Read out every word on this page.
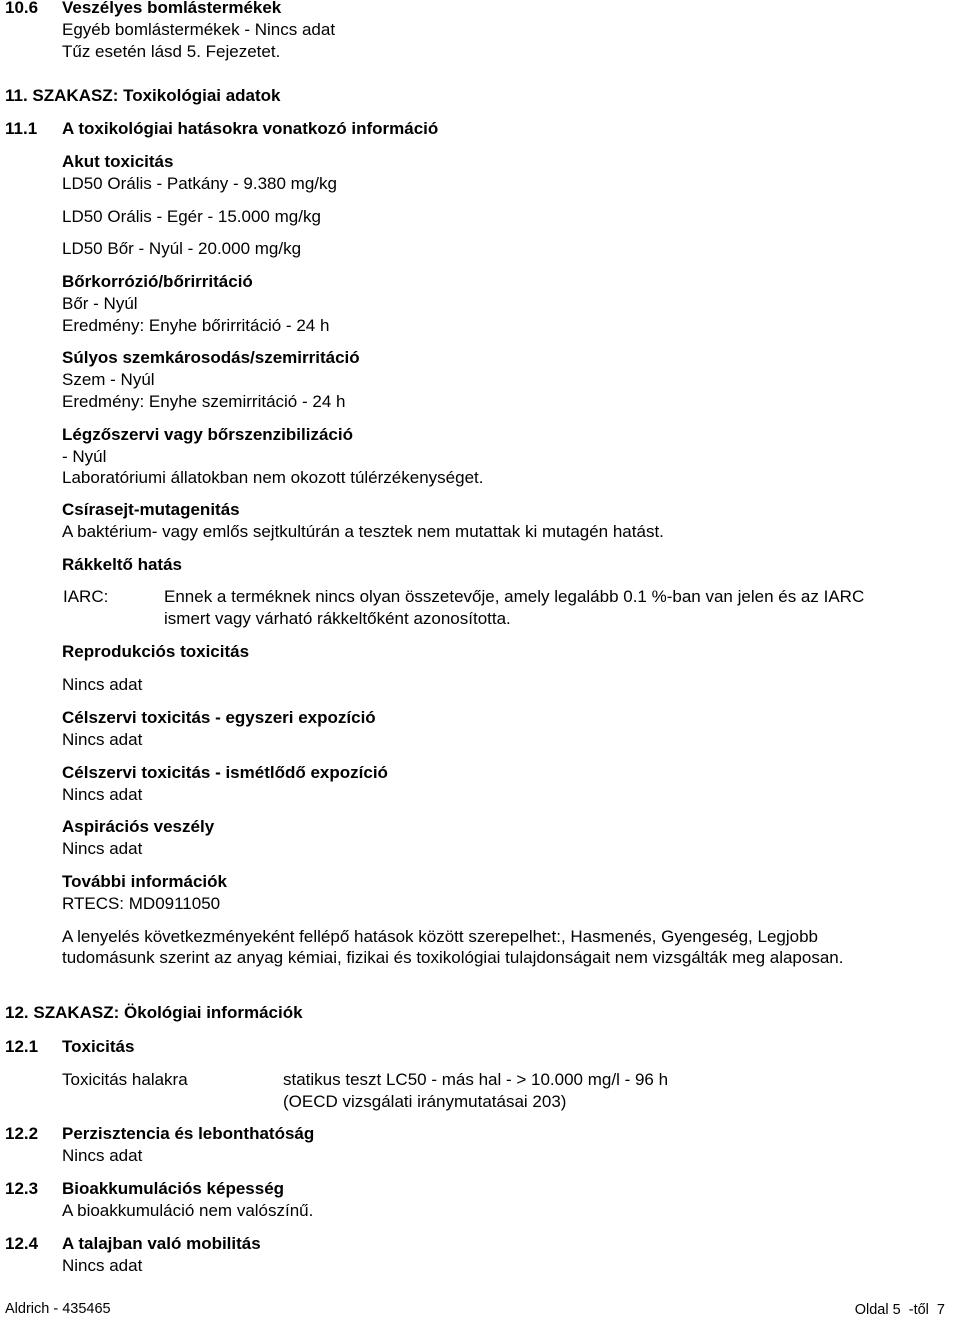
10.6 Veszélyes bomlástermékek
Egyéb bomlástermékek - Nincs adat
Tűz esetén lásd 5. Fejezetet.
11. SZAKASZ: Toxikológiai adatok
11.1 A toxikológiai hatásokra vonatkozó információ
Akut toxicitás
LD50 Orális - Patkány - 9.380 mg/kg
LD50 Orális - Egér - 15.000 mg/kg
LD50 Bőr - Nyúl - 20.000 mg/kg
Bőrkorrózió/bőrirritáció
Bőr - Nyúl
Eredmény: Enyhe bőrirritáció - 24 h
Súlyos szemkárosodás/szemirritáció
Szem - Nyúl
Eredmény: Enyhe szemirritáció - 24 h
Légzőszervi vagy bőrszenzibilizáció
- Nyúl
Laboratóriumi állatokban nem okozott túlérzékenységet.
Csírasejt-mutagenitás
A baktérium- vagy emlős sejtkultúrán a tesztek nem mutattak ki mutagén hatást.
Rákkeltő hatás
IARC:	Ennek a terméknek nincs olyan összetevője, amely legalább 0.1 %-ban van jelen és az IARC
ismert vagy várható rákkeltőként azonosította.
Reprodukciós toxicitás
Nincs adat
Célszervi toxicitás - egyszeri expozíció
Nincs adat
Célszervi toxicitás - ismétlődő expozíció
Nincs adat
Aspirációs veszély
Nincs adat
További információk
RTECS: MD0911050
A lenyelés következményeként fellépő hatások között szerepelhet:, Hasmenés, Gyengeség, Legjobb
tudomásunk szerint az anyag kémiai, fizikai és toxikológiai tulajdonságait nem vizsgálták meg alaposan.
12. SZAKASZ: Ökológiai információk
12.1 Toxicitás
Toxicitás halakra	statikus teszt LC50 - más hal - > 10.000 mg/l - 96 h
(OECD vizsgálati iránymutatásai 203)
12.2 Perzisztencia és lebonthatóság
Nincs adat
12.3 Bioakkumulációs képesség
A bioakkumuláció nem valószínű.
12.4 A talajban való mobilitás
Nincs adat
Aldrich - 435465	Oldal 5  -től  7
